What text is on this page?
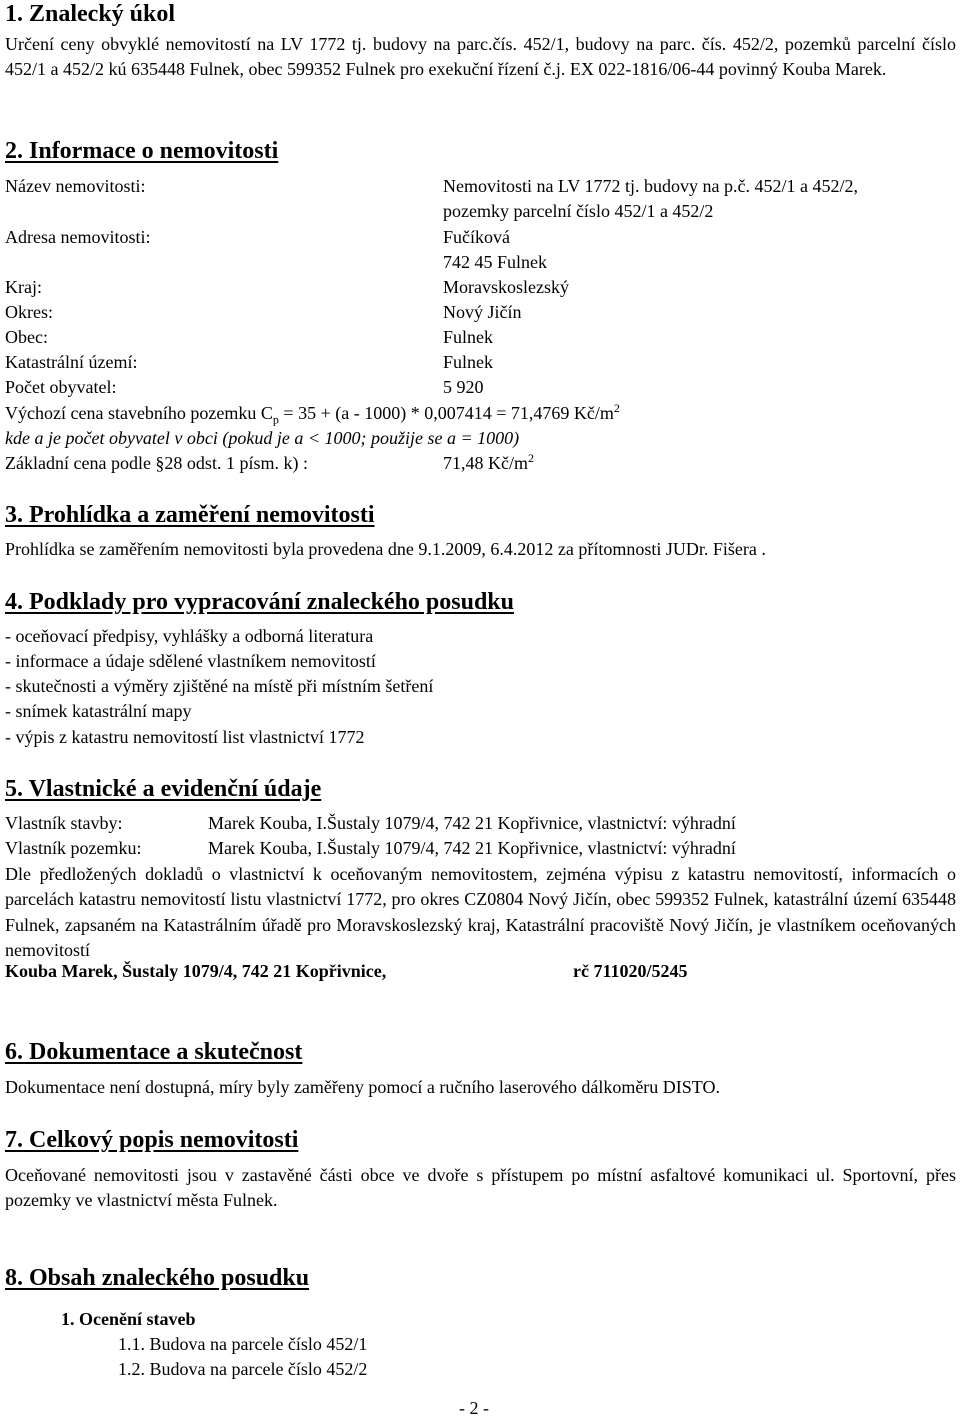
1. Znalecký úkol
Určení ceny obvyklé nemovitostí na LV 1772 tj. budovy na parc.čís. 452/1, budovy na parc. čís. 452/2, pozemků parcelní číslo 452/1 a 452/2 kú 635448 Fulnek, obec 599352 Fulnek pro exekuční řízení č.j. EX 022-1816/06-44 povinný Kouba Marek.
2. Informace o nemovitosti
Název nemovitosti:	Nemovitosti na LV 1772 tj. budovy na p.č. 452/1 a 452/2,
pozemky parcelní číslo 452/1 a 452/2
Adresa nemovitosti:	Fučíková
742 45 Fulnek
Kraj:	Moravskoslezský
Okres:	Nový Jičín
Obec:	Fulnek
Katastrální území:	Fulnek
Počet obyvatel:	5 920
Výchozí cena stavebního pozemku $C_p = 35 + (a - 1000) * 0,007414 = 71,4769$ $Kč/m^2$
kde a je počet obyvatel v obci (pokud je a < 1000; použije se a = 1000)
Základní cena podle §28 odst. 1 písm. k) :	71,48 $Kč/m^2$
3. Prohlídka a zaměření nemovitosti
Prohlídka se zaměřením nemovitosti byla provedena dne 9.1.2009, 6.4.2012 za přítomnosti JUDr. Fišera .
4. Podklady pro vypracování znaleckého posudku
- oceňovací předpisy, vyhlášky a odborná literatura
- informace a údaje sdělené vlastníkem nemovitostí
- skutečnosti a výměry zjištěné na místě při místním šetření
- snímek katastrální mapy
- výpis z katastru nemovitostí list vlastnictví 1772
5. Vlastnické a evidenční údaje
Vlastník stavby:	Marek Kouba, I.Šustaly 1079/4, 742 21 Kopřivnice, vlastnictví: výhradní
Vlastník pozemku:	Marek Kouba, I.Šustaly 1079/4, 742 21 Kopřivnice, vlastnictví: výhradní
Dle předložených dokladů o vlastnictví k oceňovaným nemovitostem, zejména výpisu z katastru nemovitostí, informacích o parcelách katastru nemovitostí listu vlastnictví 1772, pro okres CZ0804 Nový Jičín, obec 599352 Fulnek, katastrální území 635448 Fulnek, zapsaném na Katastrálním úřadě pro Moravskoslezský kraj, Katastrální pracoviště Nový Jičín, je vlastníkem oceňovaných nemovitostí
Kouba Marek, Šustaly 1079/4, 742 21 Kopřivnice,	rč 711020/5245
6. Dokumentace a skutečnost
Dokumentace není dostupná, míry byly zaměřeny pomocí a ručního laserového dálkoměru DISTO.
7. Celkový popis nemovitosti
Oceňované nemovitosti jsou v zastavěné části obce ve dvoře s přístupem po místní asfaltové komunikaci ul. Sportovní, přes pozemky ve vlastnictví města Fulnek.
8. Obsah znaleckého posudku
1. Ocenění staveb
1.1. Budova na parcele číslo 452/1
1.2. Budova na parcele číslo 452/2
- 2 -
